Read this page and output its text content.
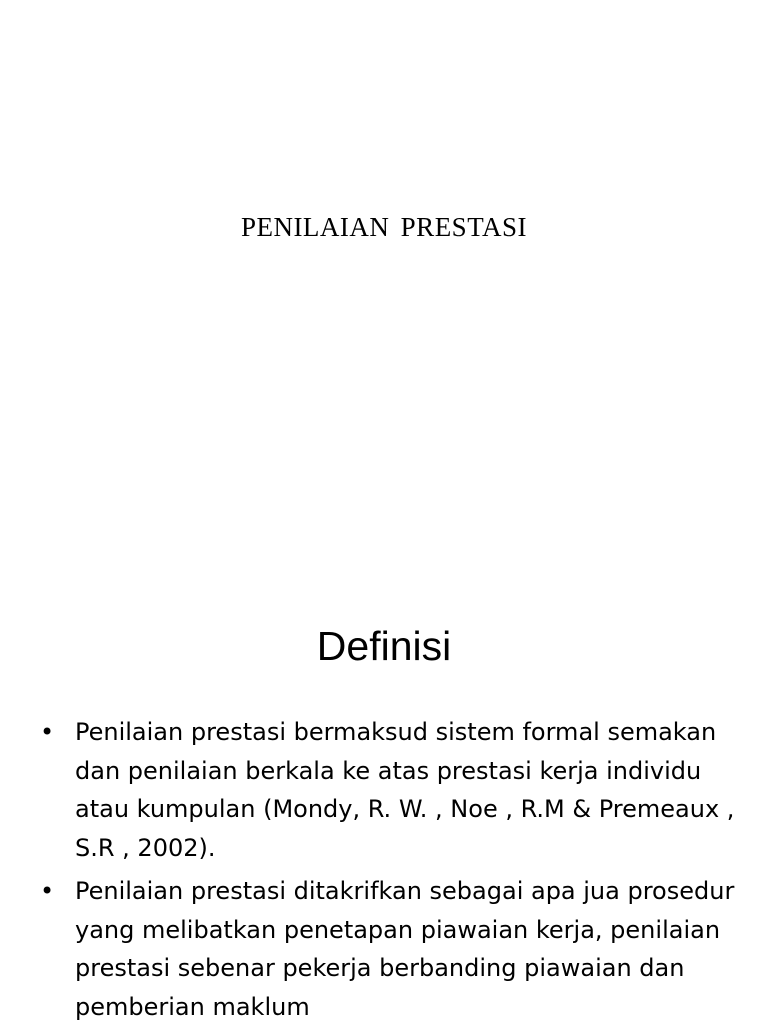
PENILAIAN PRESTASI
Definisi
• Penilaian prestasi bermaksud sistem formal semakan dan penilaian berkala ke atas prestasi kerja individu atau kumpulan (Mondy, R. W. , Noe , R.M & Premeaux , S.R , 2002).
• Penilaian prestasi ditakrifkan sebagai apa jua prosedur yang melibatkan penetapan piawaian kerja, penilaian prestasi sebenar pekerja berbanding piawaian dan pemberian maklum
